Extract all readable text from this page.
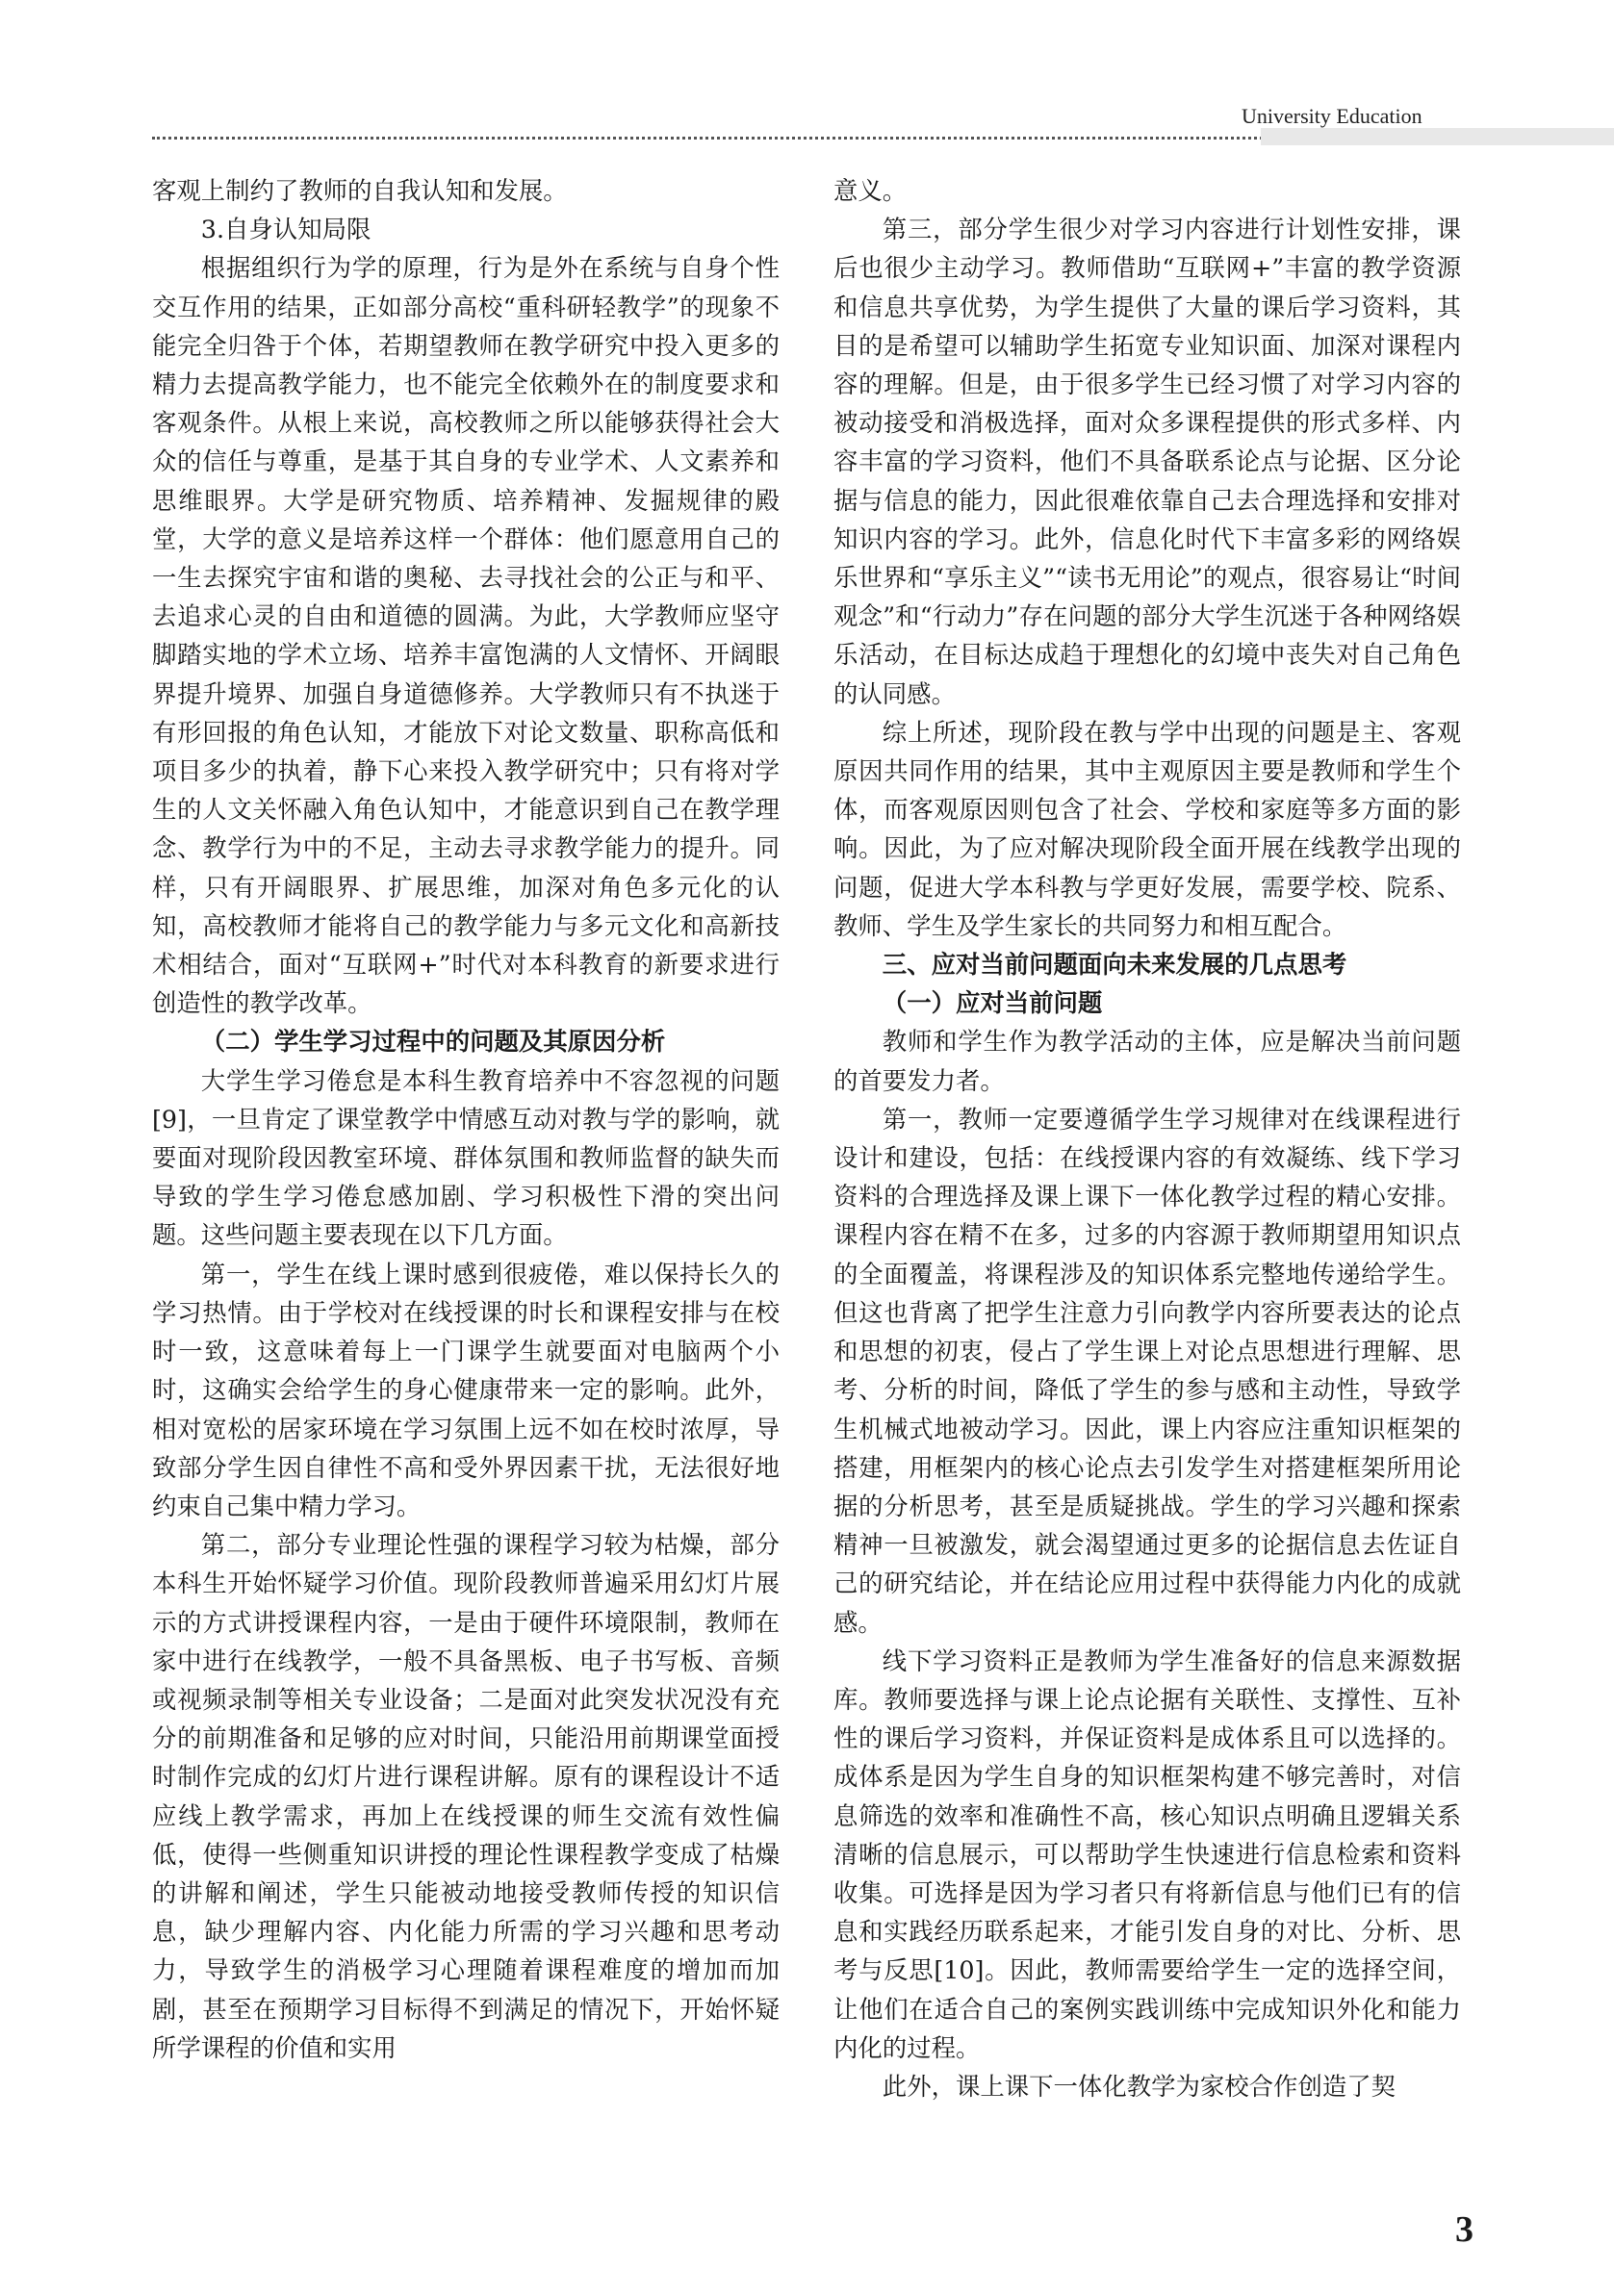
University Education

客观上制约了教师的自我认知和发展。

3.自身认知局限

根据组织行为学的原理，行为是外在系统与自身个性交互作用的结果，正如部分高校“重科研轻教学”的现象不能完全归咎于个体，若期望教师在教学研究中投入更多的精力去提高教学能力，也不能完全依赖外在的制度要求和客观条件。从根上来说，高校教师之所以能够获得社会大众的信任与尊重，是基于其自身的专业学术、人文素养和思维眼界。大学是研究物质、培养精神、发掘规律的殿堂，大学的意义是培养这样一个群体：他们愿意用自己的一生去探究宇宙和谐的奥秘、去寻找社会的公正与和平、去追求心灵的自由和道德的圆满。为此，大学教师应坚守脚踏实地的学术立场、培养丰富饱满的人文情怀、开阔眼界提升境界、加强自身道德修养。大学教师只有不执迷于有形回报的角色认知，才能放下对论文数量、职称高低和项目多少的执着，静下心来投入教学研究中；只有将对学生的人文关怀融入角色认知中，才能意识到自己在教学理念、教学行为中的不足，主动去寻求教学能力的提升。同样，只有开阔眼界、扩展思维，加深对角色多元化的认知，高校教师才能将自己的教学能力与多元文化和高新技术相结合，面对“互联网+”时代对本科教育的新要求进行创造性的教学改革。

（二）学生学习过程中的问题及其原因分析

大学生学习倦怠是本科生教育培养中不容忽视的问题[9]，一旦肯定了课堂教学中情感互动对教与学的影响，就要面对现阶段因教室环境、群体氛围和教师监督的缺失而导致的学生学习倦怠感加剧、学习积极性下滑的突出问题。这些问题主要表现在以下几方面。

第一，学生在线上课时感到很疲倦，难以保持长久的学习热情。由于学校对在线授课的时长和课程安排与在校时一致，这意味着每上一门课学生就要面对电脑两个小时，这确实会给学生的身心健康带来一定的影响。此外，相对宽松的居家环境在学习氛围上远不如在校时浓厚，导致部分学生因自律性不高和受外界因素干扰，无法很好地约束自己集中精力学习。

第二，部分专业理论性强的课程学习较为枯燥，部分本科生开始怀疑学习价值。现阶段教师普遍采用幻灯片展示的方式讲授课程内容，一是由于硬件环境限制，教师在家中进行在线教学，一般不具备黑板、电子书写板、音频或视频录制等相关专业设备；二是面对此突发状况没有充分的前期准备和足够的应对时间，只能沿用前期课堂面授时制作完成的幻灯片进行课程讲解。原有的课程设计不适应线上教学需求，再加上在线授课的师生交流有效性偏低，使得一些侧重知识讲授的理论性课程教学变成了枯燥的讲解和阐述，学生只能被动地接受教师传授的知识信息，缺少理解内容、内化能力所需的学习兴趣和思考动力，导致学生的消极学习心理随着课程难度的增加而加剧，甚至在预期学习目标得不到满足的情况下，开始怀疑所学课程的价值和实用

意义。

第三，部分学生很少对学习内容进行计划性安排，课后也很少主动学习。教师借助“互联网+”丰富的教学资源和信息共享优势，为学生提供了大量的课后学习资料，其目的是希望可以辅助学生拓宽专业知识面、加深对课程内容的理解。但是，由于很多学生已经习惯了对学习内容的被动接受和消极选择，面对众多课程提供的形式多样、内容丰富的学习资料，他们不具备联系论点与论据、区分论据与信息的能力，因此很难依靠自己去合理选择和安排对知识内容的学习。此外，信息化时代下丰富多彩的网络娱乐世界和“享乐主义”“读书无用论”的观点，很容易让“时间观念”和“行动力”存在问题的部分大学生沉迷于各种网络娱乐活动，在目标达成趋于理想化的幻境中丧失对自己角色的认同感。

综上所述，现阶段在教与学中出现的问题是主、客观原因共同作用的结果，其中主观原因主要是教师和学生个体，而客观原因则包含了社会、学校和家庭等多方面的影响。因此，为了应对解决现阶段全面开展在线教学出现的问题，促进大学本科教与学更好发展，需要学校、院系、教师、学生及学生家长的共同努力和相互配合。

三、应对当前问题面向未来发展的几点思考

（一）应对当前问题

教师和学生作为教学活动的主体，应是解决当前问题的首要发力者。

第一，教师一定要遵循学生学习规律对在线课程进行设计和建设，包括：在线授课内容的有效凝练、线下学习资料的合理选择及课上课下一体化教学过程的精心安排。课程内容在精不在多，过多的内容源于教师期望用知识点的全面覆盖，将课程涉及的知识体系完整地传递给学生。但这也背离了把学生注意力引向教学内容所要表达的论点和思想的初衷，侵占了学生课上对论点思想进行理解、思考、分析的时间，降低了学生的参与感和主动性，导致学生机械式地被动学习。因此，课上内容应注重知识框架的搭建，用框架内的核心论点去引发学生对搭建框架所用论据的分析思考，甚至是质疑挑战。学生的学习兴趣和探索精神一旦被激发，就会渴望通过更多的论据信息去佐证自己的研究结论，并在结论应用过程中获得能力内化的成就感。

线下学习资料正是教师为学生准备好的信息来源数据库。教师要选择与课上论点论据有关联性、支撑性、互补性的课后学习资料，并保证资料是成体系且可以选择的。成体系是因为学生自身的知识框架构建不够完善时，对信息筛选的效率和准确性不高，核心知识点明确且逻辑关系清晰的信息展示，可以帮助学生快速进行信息检索和资料收集。可选择是因为学习者只有将新信息与他们已有的信息和实践经历联系起来，才能引发自身的对比、分析、思考与反思[10]。因此，教师需要给学生一定的选择空间，让他们在适合自己的案例实践训练中完成知识外化和能力内化的过程。

此外，课上课下一体化教学为家校合作创造了契

3
